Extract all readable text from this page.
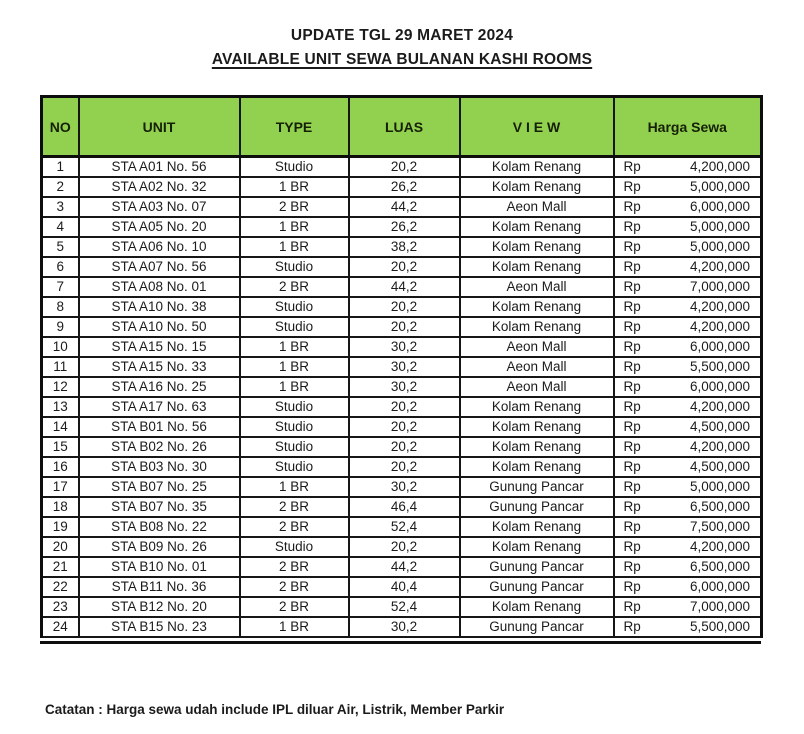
UPDATE TGL 29 MARET 2024
AVAILABLE UNIT SEWA BULANAN KASHI ROOMS
NO	UNIT	TYPE	LUAS	V I E W	Harga Sewa
1	STA A01 No. 56	Studio	20,2	Kolam Renang	Rp 4,200,000

2	STA A02 No. 32	1 BR	26,2	Kolam Renang	Rp 5,000,000

3	STA A03 No. 07	2 BR	44,2	Aeon Mall	Rp 6,000,000

4	STA A05 No. 20	1 BR	26,2	Kolam Renang	Rp 5,000,000

5	STA A06 No. 10	1 BR	38,2	Kolam Renang	Rp 5,000,000

6	STA A07 No. 56	Studio	20,2	Kolam Renang	Rp 4,200,000

7	STA A08 No. 01	2 BR	44,2	Aeon Mall	Rp 7,000,000

8	STA A10 No. 38	Studio	20,2	Kolam Renang	Rp 4,200,000

9	STA A10 No. 50	Studio	20,2	Kolam Renang	Rp 4,200,000

10	STA A15 No. 15	1 BR	30,2	Aeon Mall	Rp 6,000,000

11	STA A15 No. 33	1 BR	30,2	Aeon Mall	Rp 5,500,000

12	STA A16 No. 25	1 BR	30,2	Aeon Mall	Rp 6,000,000

13	STA A17 No. 63	Studio	20,2	Kolam Renang	Rp 4,200,000

14	STA B01 No. 56	Studio	20,2	Kolam Renang	Rp 4,500,000

15	STA B02 No. 26	Studio	20,2	Kolam Renang	Rp 4,200,000

16	STA B03 No. 30	Studio	20,2	Kolam Renang	Rp 4,500,000

17	STA B07 No. 25	1 BR	30,2	Gunung Pancar	Rp 5,000,000

18	STA B07 No. 35	2 BR	46,4	Gunung Pancar	Rp 6,500,000

19	STA B08 No. 22	2 BR	52,4	Kolam Renang	Rp 7,500,000

20	STA B09 No. 26	Studio	20,2	Kolam Renang	Rp 4,200,000

21	STA B10 No. 01	2 BR	44,2	Gunung Pancar	Rp 6,500,000

22	STA B11 No. 36	2 BR	40,4	Gunung Pancar	Rp 6,000,000

23	STA B12 No. 20	2 BR	52,4	Kolam Renang	Rp 7,000,000

24	STA B15 No. 23	1 BR	30,2	Gunung Pancar	Rp 5,500,000
Catatan : Harga sewa udah include IPL diluar Air, Listrik, Member Parkir
